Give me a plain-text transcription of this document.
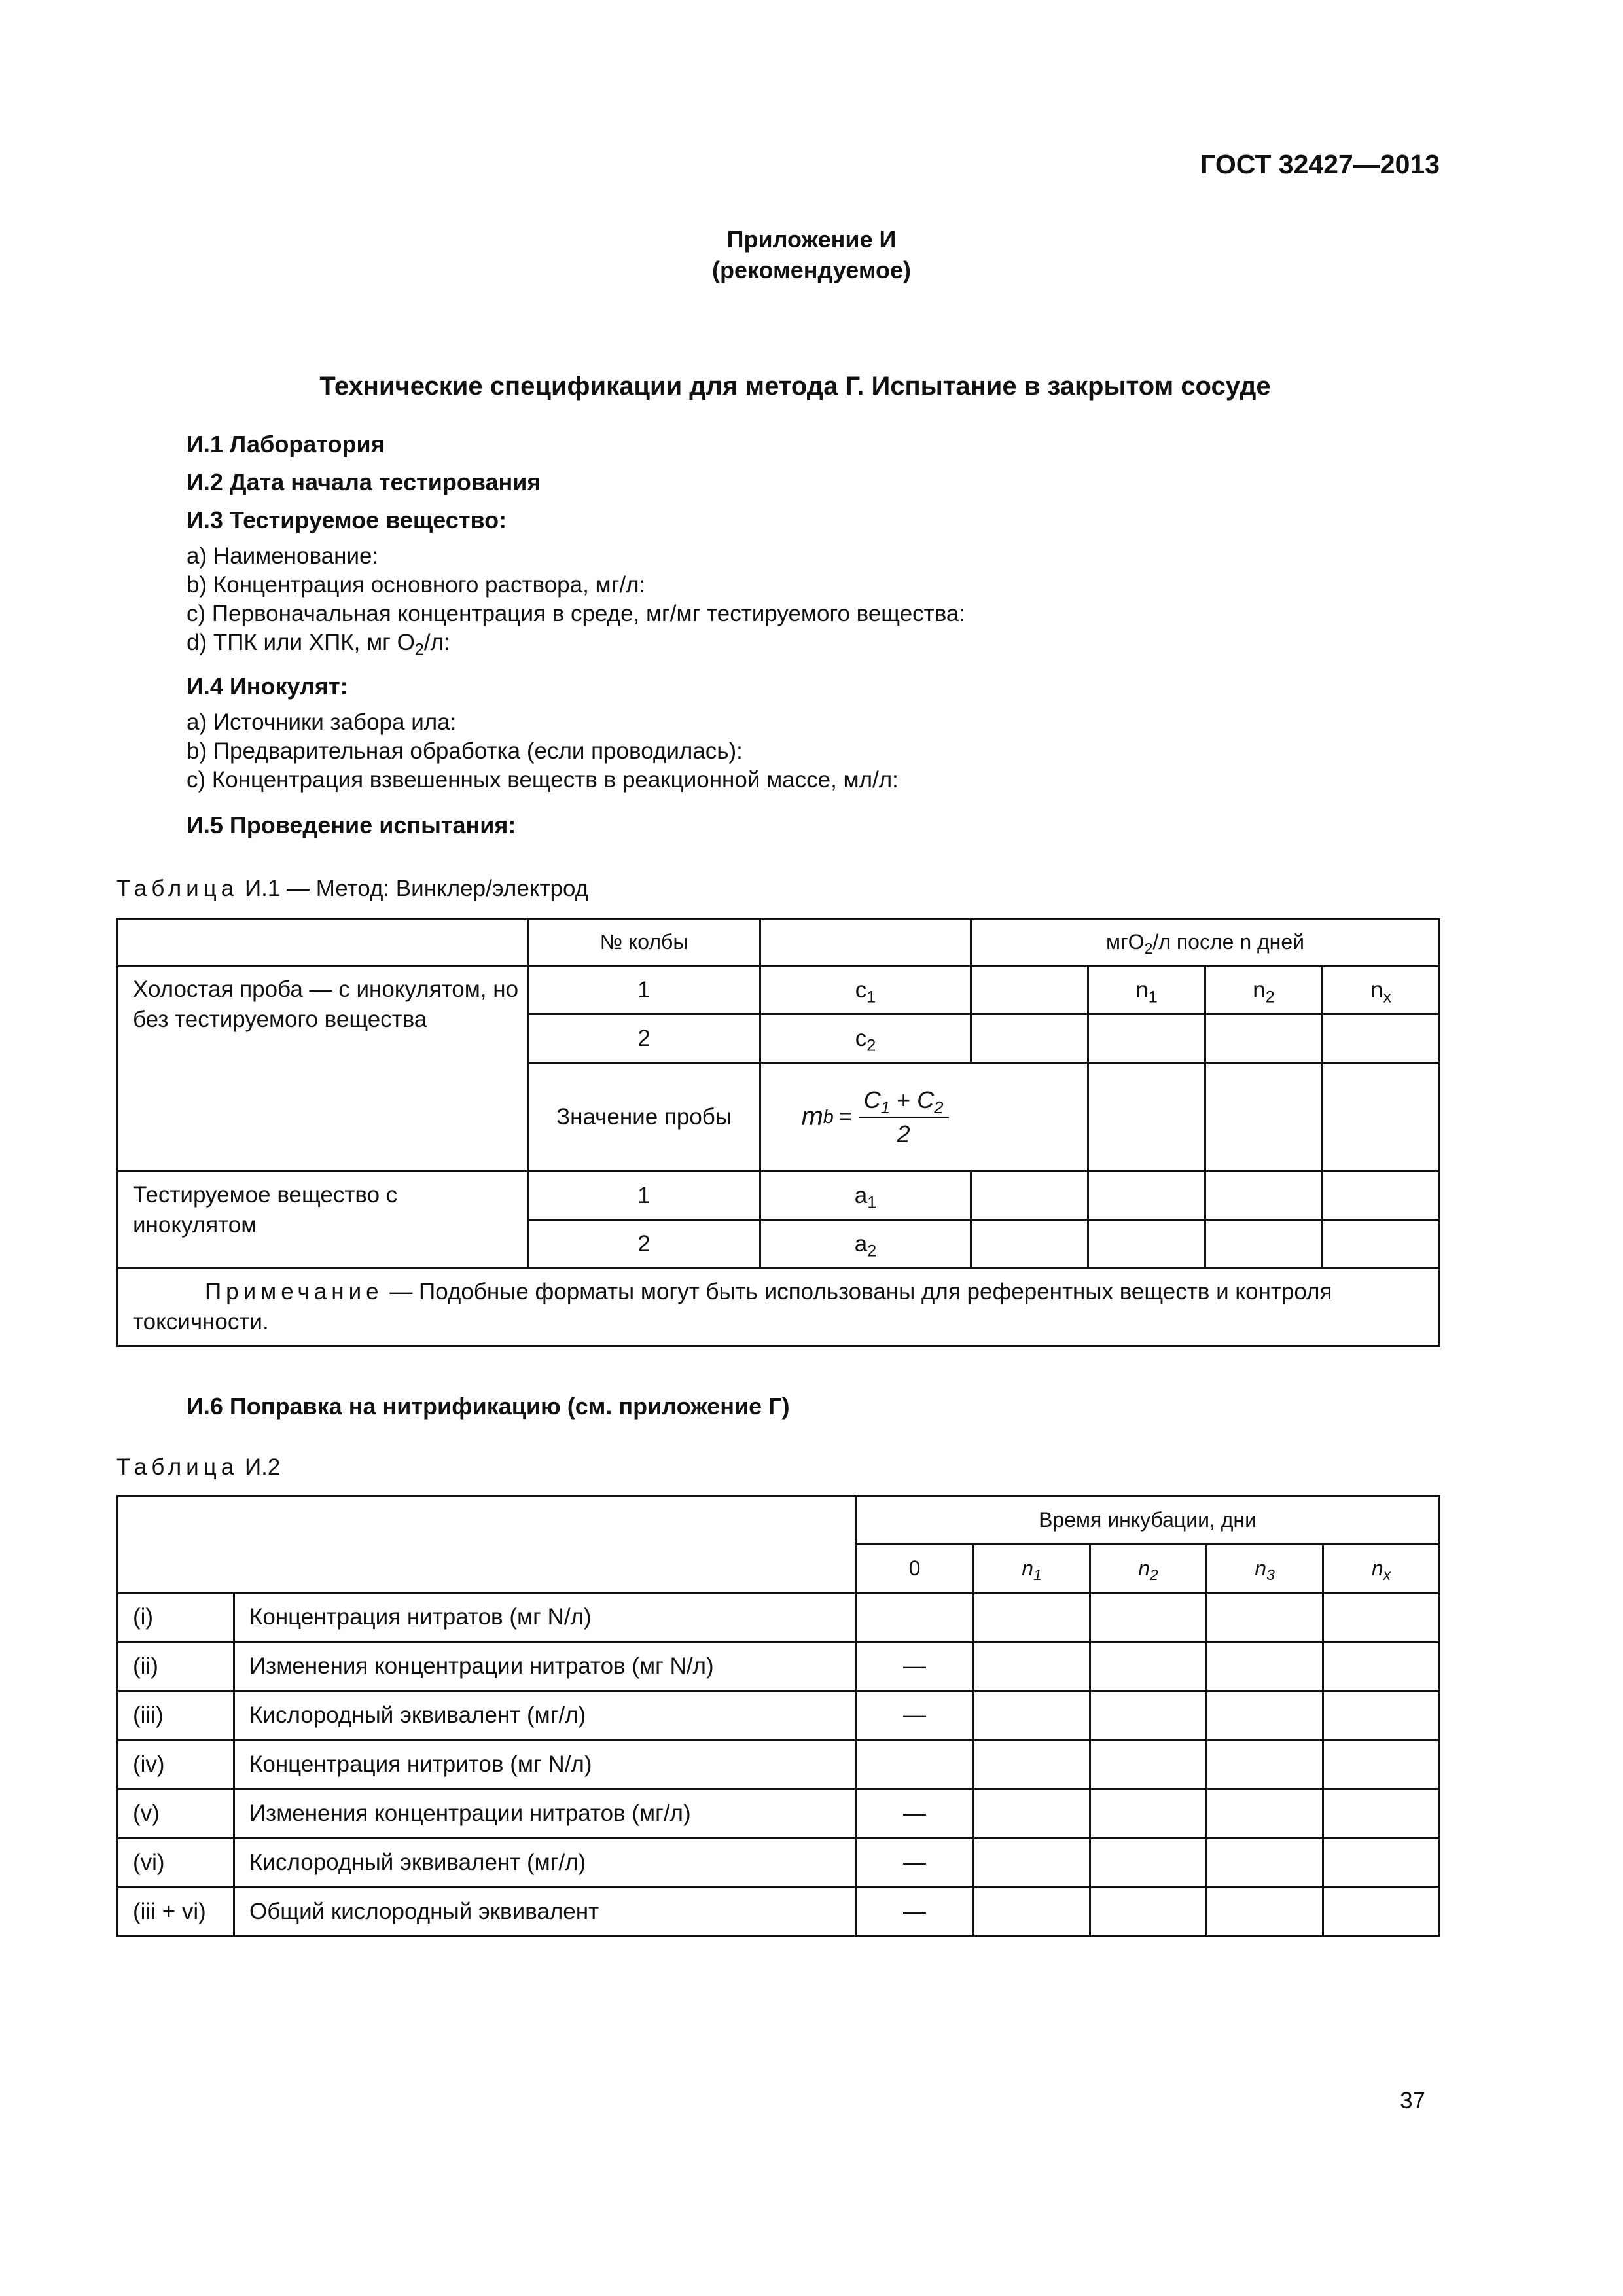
ГОСТ 32427—2013
Приложение И
(рекомендуемое)
Технические спецификации для метода Г. Испытание в закрытом сосуде
И.1 Лаборатория
И.2 Дата начала тестирования
И.3 Тестируемое вещество:
a) Наименование:
b) Концентрация основного раствора, мг/л:
c) Первоначальная концентрация в среде, мг/мг тестируемого вещества:
d) ТПК или ХПК, мг $O_2/л$:
И.4 Инокулят:
a) Источники забора ила:
b) Предварительная обработка (если проводилась):
c) Концентрация взвешенных веществ в реакционной массе, мл/л:
И.5 Проведение испытания:
Таблица И.1 — Метод: Винклер/электрод
	№ колбы		мгO$_2$/л после n дней			
Холостая проба — с инокулятом, но без тестируемого вещества	1	$c_1$		$n_1$	$n_2$	$n_x$
	2	$c_2$				
	Значение пробы	m $b = \frac{C_1 + C_2}{2}$

Тестируемое вещество с инокулятом	1	$a_1$				
	2	$a_2$				
Примечание — Подобные форматы могут быть использованы для референтных веществ и контроля токсичности.						
И.6 Поправка на нитрификацию (см. приложение Г)
Таблица И.2
		Время инкубации, дни				
		0	$n_1$	$n_2$	$n_3$	$n_x$
(i)	Концентрация нитратов (мг N/л)					
(ii)	Изменения концентрации нитратов (мг N/л)	—				
(iii)	Кислородный эквивалент (мг/л)	—				
(iv)	Концентрация нитритов (мг N/л)					
(v)	Изменения концентрации нитратов (мг/л)	—				
(vi)	Кислородный эквивалент (мг/л)	—				
(iii + vi)	Общий кислородный эквивалент	—				
37
